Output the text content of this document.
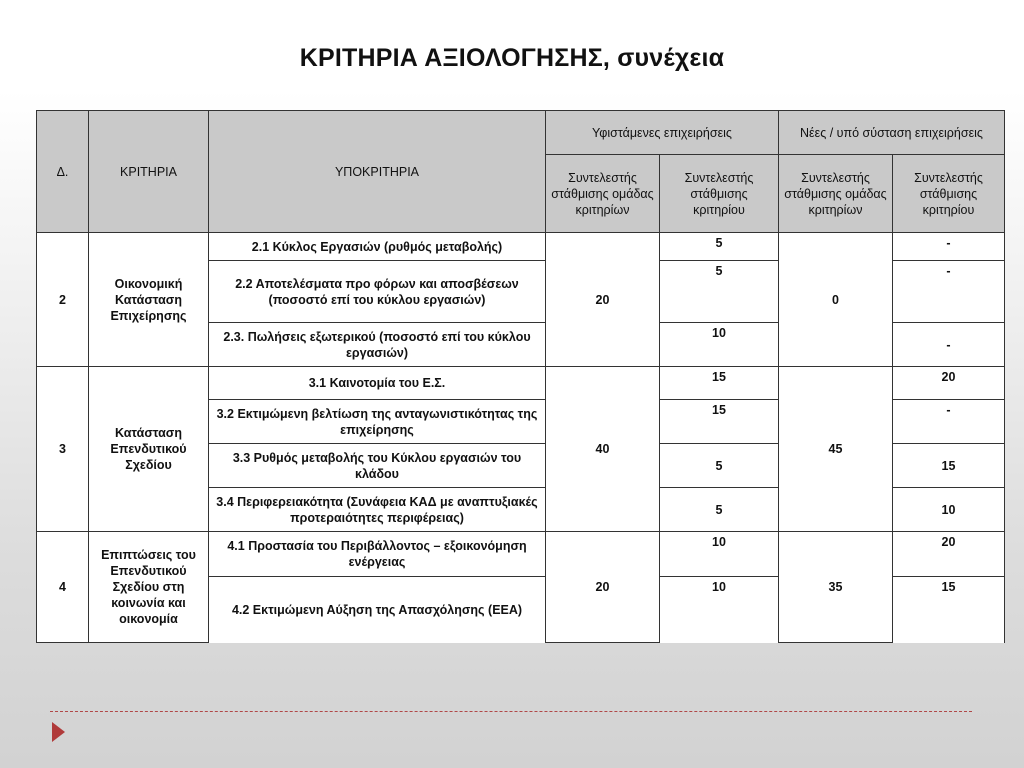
ΚΡΙΤΗΡΙΑ ΑΞΙΟΛΟΓΗΣΗΣ, συνέχεια
Δ.	ΚΡΙΤΗΡΙΑ	ΥΠΟΚΡΙΤΗΡΙΑ	Υφιστάμενες επιχειρήσεις		Νέες / υπό σύσταση επιχειρήσεις	
			Συντελεστής στάθμισης ομάδας κριτηρίων	Συντελεστής στάθμισης κριτηρίου	Συντελεστής στάθμισης ομάδας κριτηρίων	Συντελεστής στάθμισης κριτηρίου
2	Οικονομική Κατάσταση Επιχείρησης	2.1 Κύκλος Εργασιών (ρυθμός μεταβολής)	20	5	0	-
		2.2 Αποτελέσματα προ φόρων και αποσβέσεων (ποσοστό επί του κύκλου εργασιών)		5		-
		2.3. Πωλήσεις εξωτερικού (ποσοστό επί του κύκλου εργασιών)		10		-
3	Κατάσταση Επενδυτικού Σχεδίου	3.1 Καινοτομία του Ε.Σ.	40	15	45	20
		3.2 Εκτιμώμενη βελτίωση της ανταγωνιστικότητας της επιχείρησης		15		-
		3.3 Ρυθμός μεταβολής του Κύκλου εργασιών του κλάδου		5		15
		3.4 Περιφερειακότητα (Συνάφεια ΚΑΔ με αναπτυξιακές προτεραιότητες περιφέρειας)		5		10
4	Επιπτώσεις του Επενδυτικού Σχεδίου στη κοινωνία και οικονομία	4.1 Προστασία του Περιβάλλοντος – εξοικονόμηση ενέργειας	20	10	35	20
		4.2 Εκτιμώμενη Αύξηση της Απασχόλησης (ΕΕΑ)		10		15
